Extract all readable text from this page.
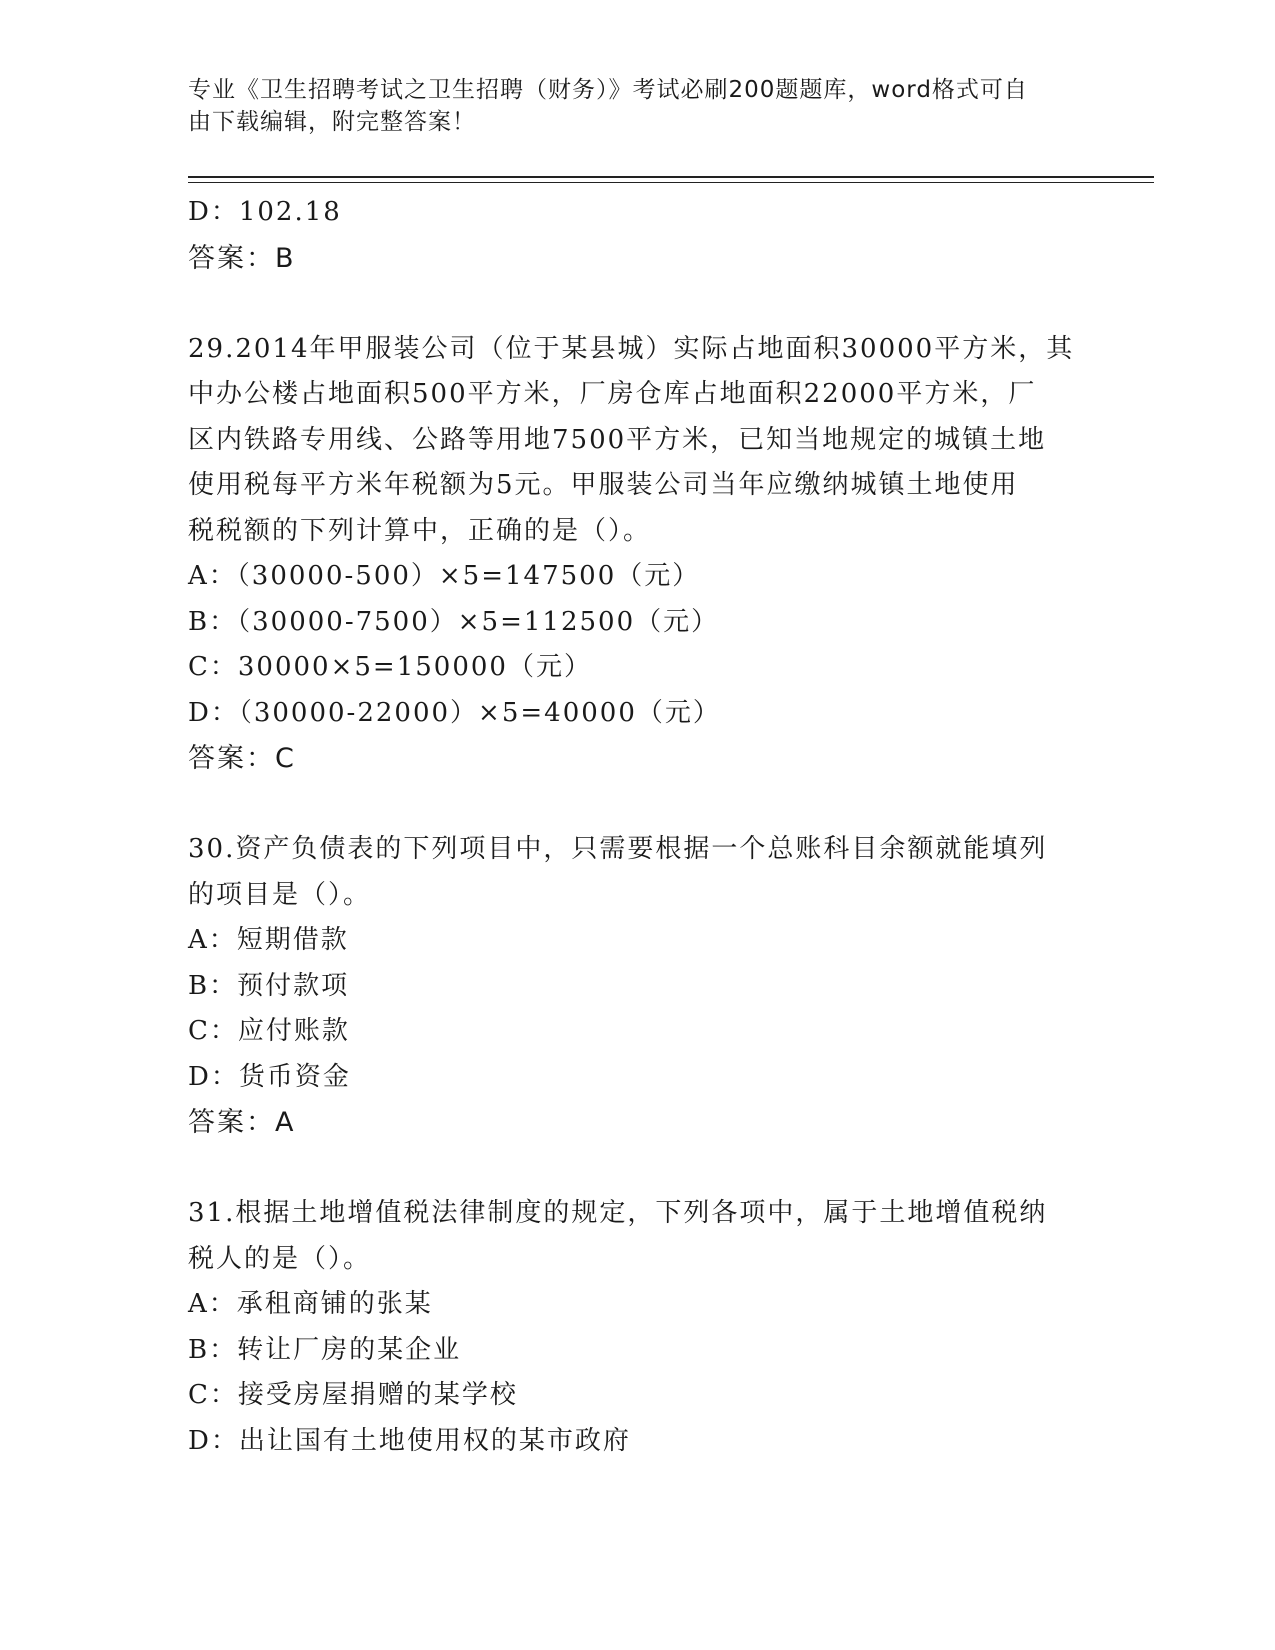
专业《卫生招聘考试之卫生招聘（财务）》考试必刷200题题库，word格式可自
由下载编辑，附完整答案！
D：102.18
答案：B
29.2014年甲服装公司（位于某县城）实际占地面积30000平方米，其
中办公楼占地面积500平方米，厂房仓库占地面积22000平方米，厂
区内铁路专用线、公路等用地7500平方米，已知当地规定的城镇土地
使用税每平方米年税额为5元。甲服装公司当年应缴纳城镇土地使用
税税额的下列计算中，正确的是（）。
A：（30000-500）×5=147500（元）
B：（30000-7500）×5=112500（元）
C：30000×5=150000（元）
D：（30000-22000）×5=40000（元）
答案：C
30.资产负债表的下列项目中，只需要根据一个总账科目余额就能填列
的项目是（）。
A：短期借款
B：预付款项
C：应付账款
D：货币资金
答案：A
31.根据土地增值税法律制度的规定，下列各项中，属于土地增值税纳
税人的是（）。
A：承租商铺的张某
B：转让厂房的某企业
C：接受房屋捐赠的某学校
D：出让国有土地使用权的某市政府
